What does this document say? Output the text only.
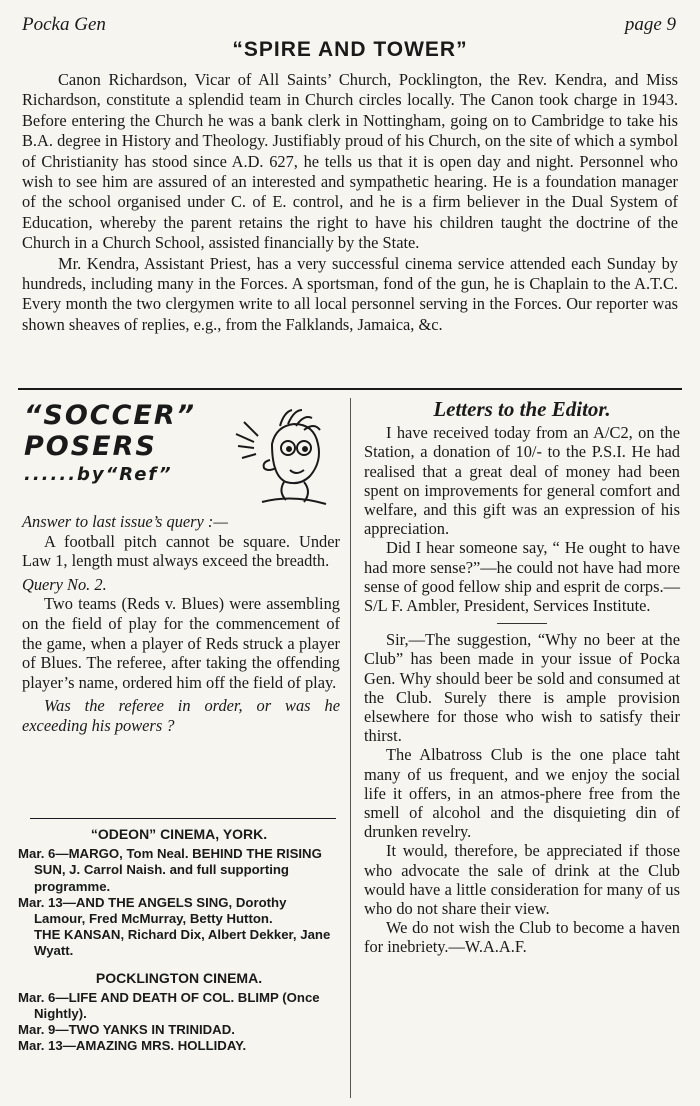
Pocka Gen	page 9
“SPIRE AND TOWER”

Canon Richardson, Vicar of All Saints’ Church, Pocklington, the Rev. Kendra, and Miss Richardson, constitute a splendid team in Church circles locally. The Canon took charge in 1943. Before entering the Church he was a bank clerk in Nottingham, going on to Cambridge to take his B.A. degree in History and Theology. Justifiably proud of his Church, on the site of which a symbol of Christianity has stood since A.D. 627, he tells us that it is open day and night. Personnel who wish to see him are assured of an interested and sympathetic hearing. He is a foundation manager of the school organised under C. of E. control, and he is a firm believer in the Dual System of Education, whereby the parent retains the right to have his children taught the doctrine of the Church in a Church School, assisted financially by the State.

Mr. Kendra, Assistant Priest, has a very successful cinema service attended each Sunday by hundreds, including many in the Forces. A sportsman, fond of the gun, he is Chaplain to the A.T.C. Every month the two clergymen write to all local personnel serving in the Forces. Our reporter was shown sheaves of replies, e.g., from the Falklands, Jamaica, &c.

“SOCCER”
POSERS
......by“Ref”

Answer to last issue’s query :—

A football pitch cannot be square. Under Law 1, length must always exceed the breadth.

Query No. 2.

Two teams (Reds v. Blues) were assembling on the field of play for the commencement of the game, when a player of Reds struck a player of Blues. The referee, after taking the offending player’s name, ordered him off the field of play.

Was the referee in order, or was he exceeding his powers ?

“ODEON” CINEMA, YORK.
Mar. 6—MARGO, Tom Neal. BEHIND THE RISING SUN, J. Carrol Naish. and full supporting programme.
Mar. 13—AND THE ANGELS SING, Dorothy Lamour, Fred McMurray, Betty Hutton.
THE KANSAN, Richard Dix, Albert Dekker, Jane Wyatt.
POCKLINGTON CINEMA.
Mar. 6—LIFE AND DEATH OF COL. BLIMP (Once Nightly).
Mar. 9—TWO YANKS IN TRINIDAD.
Mar. 13—AMAZING MRS. HOLLIDAY.
Letters to the Editor.

I have received today from an A/C2, on the Station, a donation of 10/- to the P.S.I. He had realised that a great deal of money had been spent on improvements for general comfort and welfare, and this gift was an expression of his appreciation.

Did I hear someone say, “ He ought to have had more sense?”—he could not have had more sense of good fellow ship and esprit de corps.—S/L F. Ambler, President, Services Institute.

Sir,—The suggestion, “Why no beer at the Club” has been made in your issue of Pocka Gen. Why should beer be sold and consumed at the Club. Surely there is ample provision elsewhere for those who wish to satisfy their thirst.

The Albatross Club is the one place taht many of us frequent, and we enjoy the social life it offers, in an atmos-phere free from the smell of alcohol and the disquieting din of drunken revelry.

It would, therefore, be appreciated if those who advocate the sale of drink at the Club would have a little consideration for many of us who do not share their view.

We do not wish the Club to become a haven for inebriety.—W.A.A.F.
